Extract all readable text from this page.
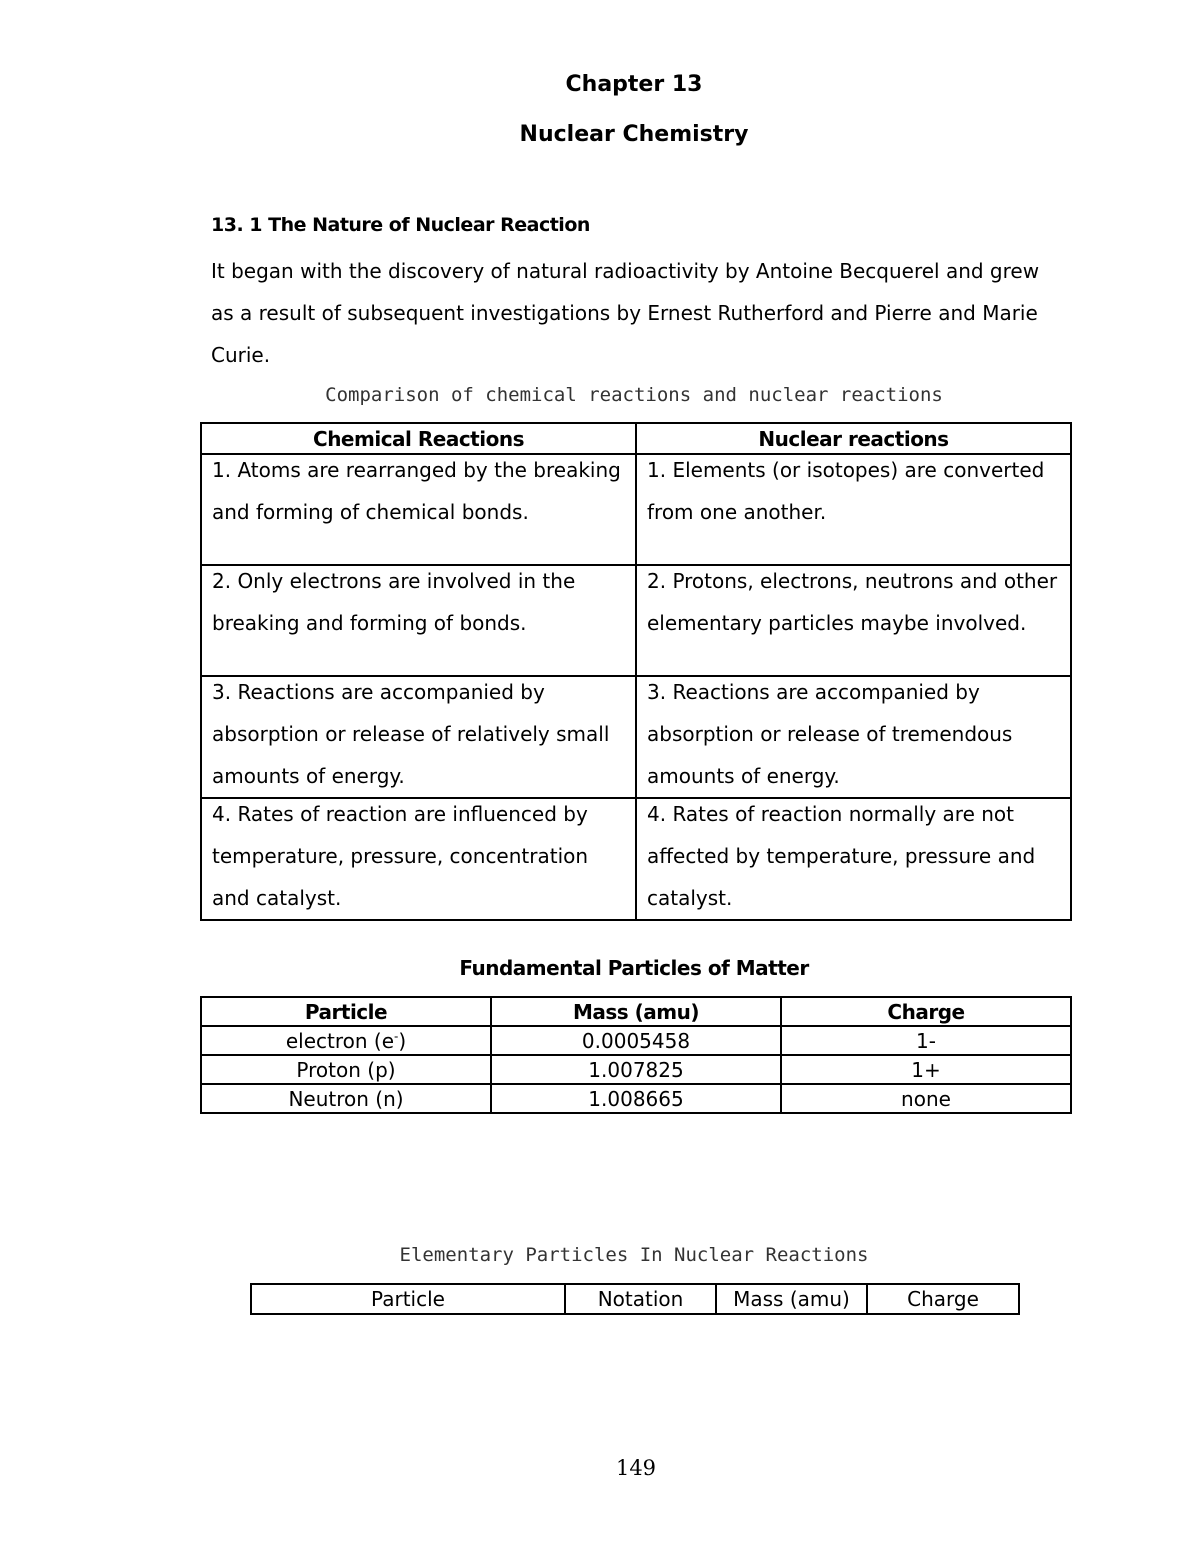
Chapter 13
Nuclear Chemistry
13. 1 The Nature of Nuclear Reaction
It began with the discovery of natural radioactivity by Antoine Becquerel and grew as a result of subsequent investigations by Ernest Rutherford and Pierre and Marie Curie.
Comparison of chemical reactions and nuclear reactions
Chemical Reactions	Nuclear reactions

1. Atoms are rearranged by the breaking and forming of chemical bonds.	1. Elements (or isotopes) are converted from one another.

2. Only electrons are involved in the breaking and forming of bonds.	2. Protons, electrons, neutrons and other elementary particles maybe involved.

3. Reactions are accompanied by absorption or release of relatively small amounts of energy.	3. Reactions are accompanied by absorption or release of tremendous amounts of energy.

4. Rates of reaction are influenced by temperature, pressure, concentration and catalyst.	4. Rates of reaction normally are not affected by temperature, pressure and catalyst.
Fundamental Particles of Matter
Particle	Mass (amu)	Charge
electron (e-)	0.0005458	1-
Proton (p)	1.007825	1+
Neutron (n)	1.008665	none
Elementary Particles In Nuclear Reactions
Particle	Notation	Mass (amu)	Charge
149
